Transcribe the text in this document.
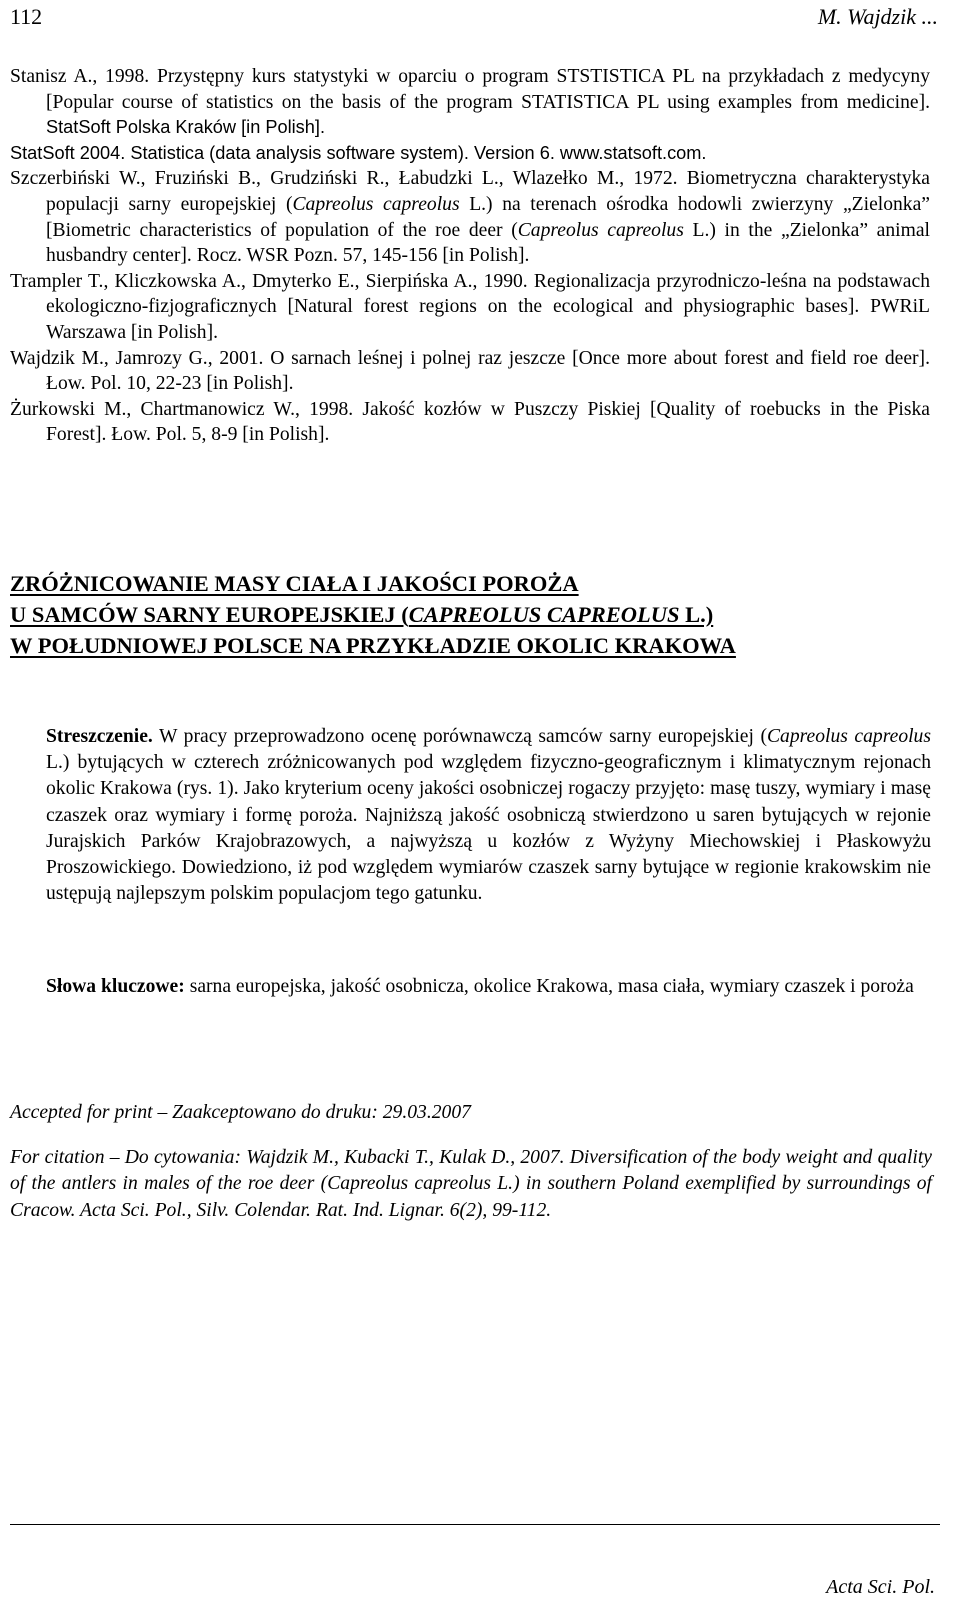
112	M. Wajdzik ...

Stanisz A., 1998. Przystępny kurs statystyki w oparciu o program STSTISTICA PL na przykładach z medycyny [Popular course of statistics on the basis of the program STATISTICA PL using examples from medicine]. StatSoft Polska Kraków [in Polish].

StatSoft 2004. Statistica (data analysis software system). Version 6. www.statsoft.com.

Szczerbiński W., Fruziński B., Grudziński R., Łabudzki L., Wlazełko M., 1972. Biometryczna charakterystyka populacji sarny europejskiej (Capreolus capreolus L.) na terenach ośrodka hodowli zwierzyny „Zielonka” [Biometric characteristics of population of the roe deer (Capreolus capreolus L.) in the „Zielonka” animal husbandry center]. Rocz. WSR Pozn. 57, 145-156 [in Polish].

Trampler T., Kliczkowska A., Dmyterko E., Sierpińska A., 1990. Regionalizacja przyrodniczo-leśna na podstawach ekologiczno-fizjograficznych [Natural forest regions on the ecological and physiographic bases]. PWRiL Warszawa [in Polish].

Wajdzik M., Jamrozy G., 2001. O sarnach leśnej i polnej raz jeszcze [Once more about forest and field roe deer]. Łow. Pol. 10, 22-23 [in Polish].

Żurkowski M., Chartmanowicz W., 1998. Jakość kozłów w Puszczy Piskiej [Quality of roebucks in the Piska Forest]. Łow. Pol. 5, 8-9 [in Polish].

ZRÓŻNICOWANIE MASY CIAŁA I JAKOŚCI POROŻA
U SAMCÓW SARNY EUROPEJSKIEJ (CAPREOLUS CAPREOLUS L.)
W POŁUDNIOWEJ POLSCE NA PRZYKŁADZIE OKOLIC KRAKOWA

Streszczenie. W pracy przeprowadzono ocenę porównawczą samców sarny europejskiej (Capreolus capreolus L.) bytujących w czterech zróżnicowanych pod względem fizyczno-geograficznym i klimatycznym rejonach okolic Krakowa (rys. 1). Jako kryterium oceny jakości osobniczej rogaczy przyjęto: masę tuszy, wymiary i masę czaszek oraz wymiary i formę poroża. Najniższą jakość osobniczą stwierdzono u saren bytujących w rejonie Jurajskich Parków Krajobrazowych, a najwyższą u kozłów z Wyżyny Miechowskiej i Płaskowyżu Proszowickiego. Dowiedziono, iż pod względem wymiarów czaszek sarny bytujące w regionie krakowskim nie ustępują najlepszym polskim populacjom tego gatunku.

Słowa kluczowe: sarna europejska, jakość osobnicza, okolice Krakowa, masa ciała, wymiary czaszek i poroża

Accepted for print – Zaakceptowano do druku: 29.03.2007

For citation – Do cytowania: Wajdzik M., Kubacki T., Kulak D., 2007. Diversification of the body weight and quality of the antlers in males of the roe deer (Capreolus capreolus L.) in southern Poland exemplified by surroundings of Cracow. Acta Sci. Pol., Silv. Colendar. Rat. Ind. Lignar. 6(2), 99-112.

Acta Sci. Pol.
